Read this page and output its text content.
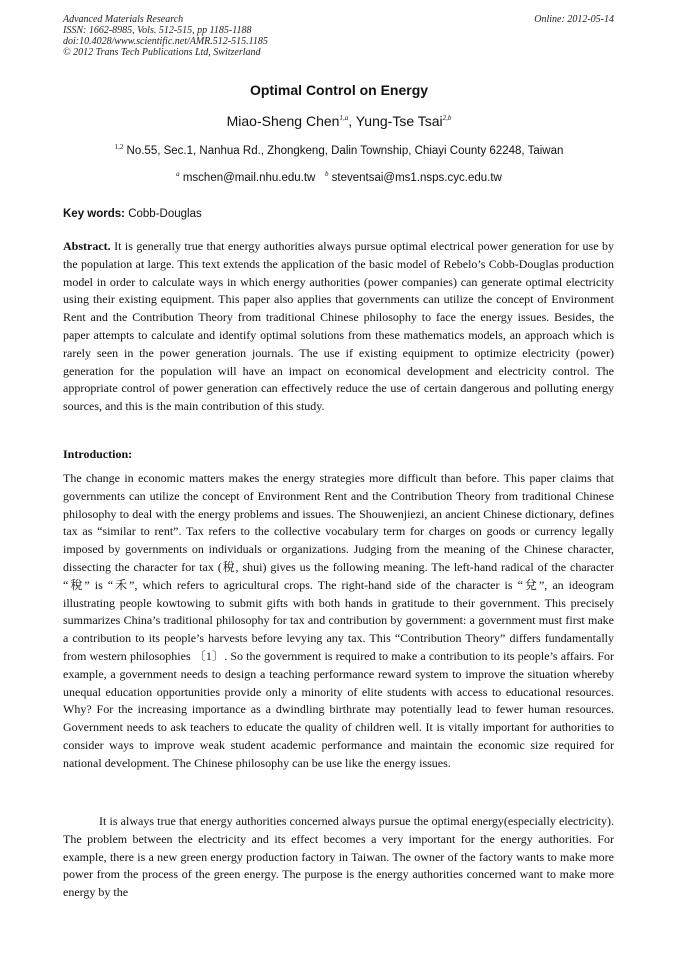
Advanced Materials Research
ISSN: 1662-8985, Vols. 512-515, pp 1185-1188
doi:10.4028/www.scientific.net/AMR.512-515.1185
© 2012 Trans Tech Publications Ltd, Switzerland
Online: 2012-05-14
Optimal Control on Energy
Miao-Sheng Chen$^{1,a}$, Yung-Tse Tsai$^{2,b}$
$^{1,2}$ No.55, Sec.1, Nanhua Rd., Zhongkeng, Dalin Township, Chiayi County 62248, Taiwan
$^a$ mschen@mail.nhu.edu.tw $^b$ steventsai@ms1.nsps.cyc.edu.tw
Key words: Cobb-Douglas

Abstract. It is generally true that energy authorities always pursue optimal electrical power generation for use by the population at large. This text extends the application of the basic model of Rebelo’s Cobb-Douglas production model in order to calculate ways in which energy authorities (power companies) can generate optimal electricity using their existing equipment. This paper also applies that governments can utilize the concept of Environment Rent and the Contribution Theory from traditional Chinese philosophy to face the energy issues. Besides, the paper attempts to calculate and identify optimal solutions from these mathematics models, an approach which is rarely seen in the power generation journals. The use if existing equipment to optimize electricity (power) generation for the population will have an impact on economical development and electricity control. The appropriate control of power generation can effectively reduce the use of certain dangerous and polluting energy sources, and this is the main contribution of this study.

Introduction:

The change in economic matters makes the energy strategies more difficult than before. This paper claims that governments can utilize the concept of Environment Rent and the Contribution Theory from traditional Chinese philosophy to deal with the energy problems and issues. The Shouwenjiezi, an ancient Chinese dictionary, defines tax as “similar to rent”. Tax refers to the collective vocabulary term for charges on goods or currency legally imposed by governments on individuals or organizations. Judging from the meaning of the Chinese character, dissecting the character for tax (稅, shui) gives us the following meaning. The left-hand radical of the character “稅” is “禾”, which refers to agricultural crops. The right-hand side of the character is “兌”, an ideogram illustrating people kowtowing to submit gifts with both hands in gratitude to their government. This precisely summarizes China’s traditional philosophy for tax and contribution by government: a government must first make a contribution to its people’s harvests before levying any tax. This “Contribution Theory” differs fundamentally from western philosophies 〔1〕. So the government is required to make a contribution to its people’s affairs. For example, a government needs to design a teaching performance reward system to improve the situation whereby unequal education opportunities provide only a minority of elite students with access to educational resources. Why? For the increasing importance as a dwindling birthrate may potentially lead to fewer human resources. Government needs to ask teachers to educate the quality of children well. It is vitally important for authorities to consider ways to improve weak student academic performance and maintain the economic size required for national development. The Chinese philosophy can be use like the energy issues.

It is always true that energy authorities concerned always pursue the optimal energy(especially electricity). The problem between the electricity and its effect becomes a very important for the energy authorities. For example, there is a new green energy production factory in Taiwan. The owner of the factory wants to make more power from the process of the green energy. The purpose is the energy authorities concerned want to make more energy by the
